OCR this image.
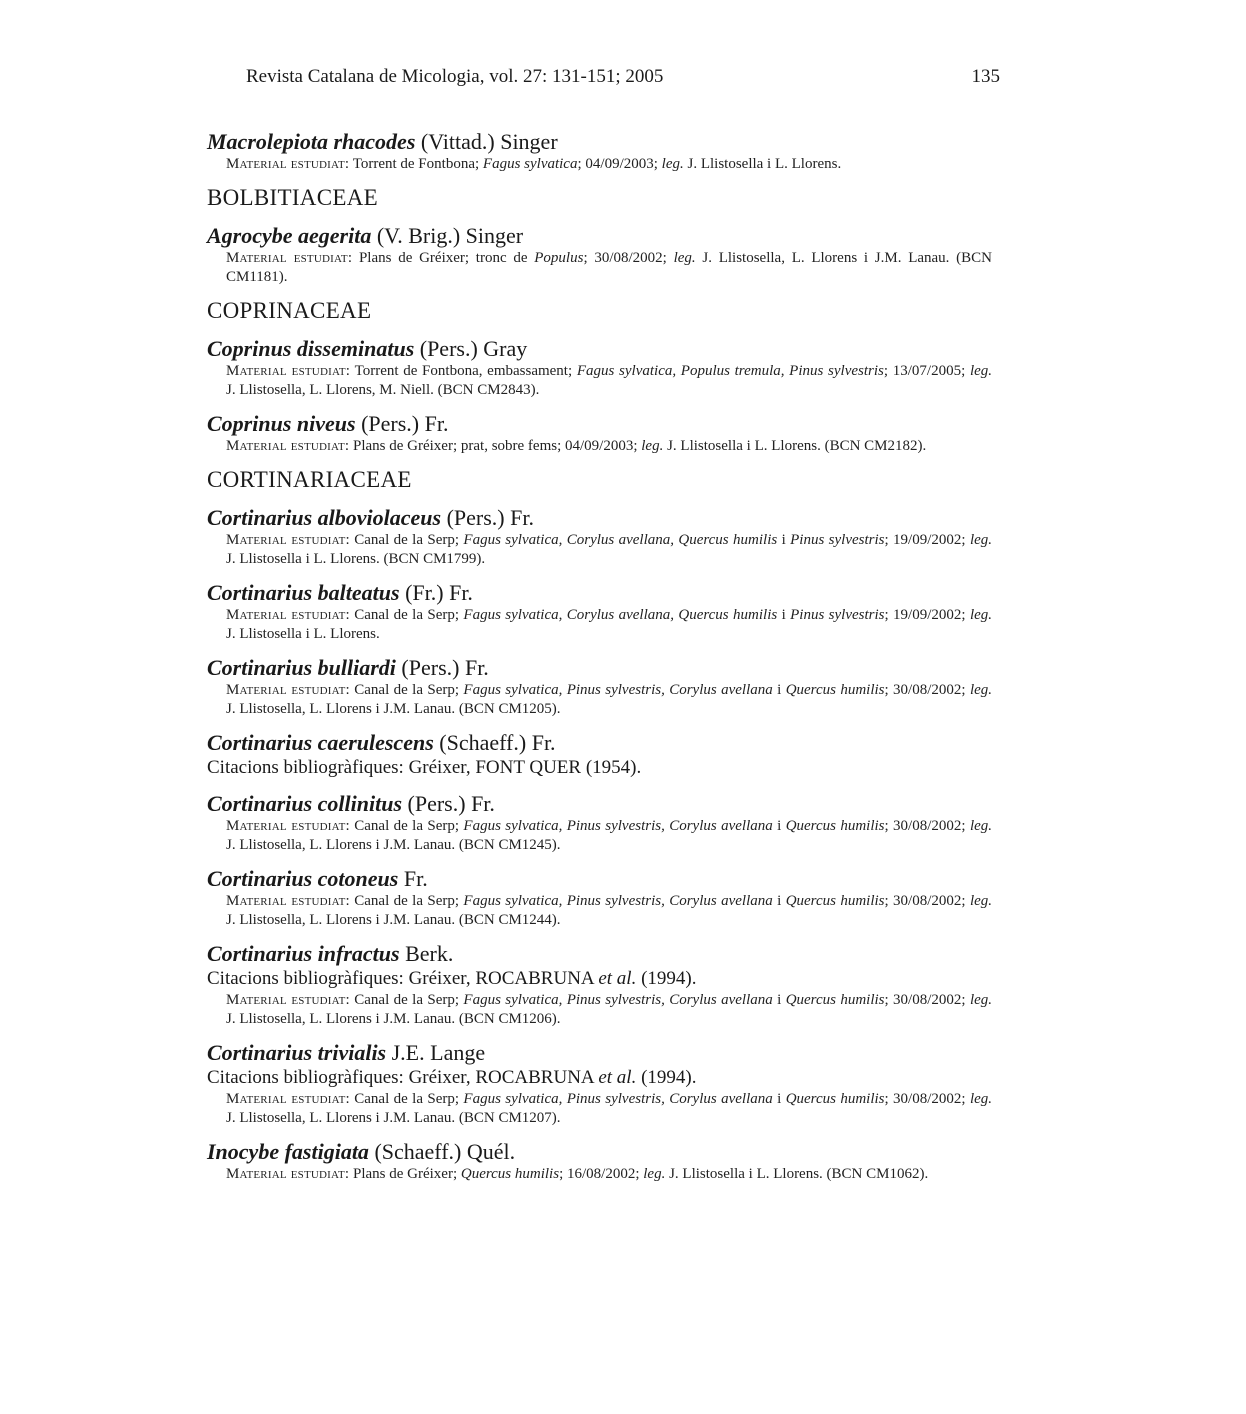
Revista Catalana de Micologia, vol. 27: 131-151; 2005	135
Macrolepiota rhacodes (Vittad.) Singer
Material estudiat: Torrent de Fontbona; Fagus sylvatica; 04/09/2003; leg. J. Llistosella i L. Llorens.
BOLBITIACEAE
Agrocybe aegerita (V. Brig.) Singer
Material estudiat: Plans de Gréixer; tronc de Populus; 30/08/2002; leg. J. Llistosella, L. Llorens i J.M. Lanau. (BCN CM1181).
COPRINACEAE
Coprinus disseminatus (Pers.) Gray
Material estudiat: Torrent de Fontbona, embassament; Fagus sylvatica, Populus tremula, Pinus sylvestris; 13/07/2005; leg. J. Llistosella, L. Llorens, M. Niell. (BCN CM2843).
Coprinus niveus (Pers.) Fr.
Material estudiat: Plans de Gréixer; prat, sobre fems; 04/09/2003; leg. J. Llistosella i L. Llorens. (BCN CM2182).
CORTINARIACEAE
Cortinarius alboviolaceus (Pers.) Fr.
Material estudiat: Canal de la Serp; Fagus sylvatica, Corylus avellana, Quercus humilis i Pinus sylvestris; 19/09/2002; leg. J. Llistosella i L. Llorens. (BCN CM1799).
Cortinarius balteatus (Fr.) Fr.
Material estudiat: Canal de la Serp; Fagus sylvatica, Corylus avellana, Quercus humilis i Pinus sylvestris; 19/09/2002; leg. J. Llistosella i L. Llorens.
Cortinarius bulliardi (Pers.) Fr.
Material estudiat: Canal de la Serp; Fagus sylvatica, Pinus sylvestris, Corylus avellana i Quercus humilis; 30/08/2002; leg. J. Llistosella, L. Llorens i J.M. Lanau. (BCN CM1205).
Cortinarius caerulescens (Schaeff.) Fr.
Citacions bibliogràfiques: Gréixer, FONT QUER (1954).
Cortinarius collinitus (Pers.) Fr.
Material estudiat: Canal de la Serp; Fagus sylvatica, Pinus sylvestris, Corylus avellana i Quercus humilis; 30/08/2002; leg. J. Llistosella, L. Llorens i J.M. Lanau. (BCN CM1245).
Cortinarius cotoneus Fr.
Material estudiat: Canal de la Serp; Fagus sylvatica, Pinus sylvestris, Corylus avellana i Quercus humilis; 30/08/2002; leg. J. Llistosella, L. Llorens i J.M. Lanau. (BCN CM1244).
Cortinarius infractus Berk.
Citacions bibliogràfiques: Gréixer, ROCABRUNA et al. (1994).
Material estudiat: Canal de la Serp; Fagus sylvatica, Pinus sylvestris, Corylus avellana i Quercus humilis; 30/08/2002; leg. J. Llistosella, L. Llorens i J.M. Lanau. (BCN CM1206).
Cortinarius trivialis J.E. Lange
Citacions bibliogràfiques: Gréixer, ROCABRUNA et al. (1994).
Material estudiat: Canal de la Serp; Fagus sylvatica, Pinus sylvestris, Corylus avellana i Quercus humilis; 30/08/2002; leg. J. Llistosella, L. Llorens i J.M. Lanau. (BCN CM1207).
Inocybe fastigiata (Schaeff.) Quél.
Material estudiat: Plans de Gréixer; Quercus humilis; 16/08/2002; leg. J. Llistosella i L. Llorens. (BCN CM1062).
